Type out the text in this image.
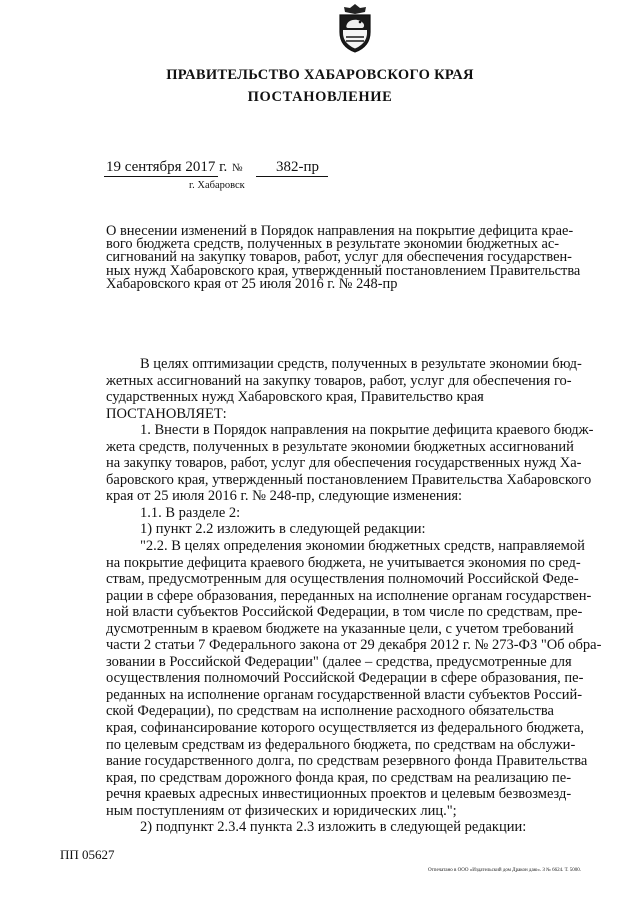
ПРАВИТЕЛЬСТВО ХАБАРОВСКОГО КРАЯ
ПОСТАНОВЛЕНИЕ
19 сентября 2017 г. № 382-пр
г. Хабаровск

О внесении изменений в Порядок направления на покрытие дефицита крае-
вого бюджета средств, полученных в результате экономии бюджетных ас-
сигнований на закупку товаров, работ, услуг для обеспечения государствен-
ных нужд Хабаровского края, утвержденный постановлением Правительства
Хабаровского края от 25 июля 2016 г. № 248-пр

В целях оптимизации средств, полученных в результате экономии бюд-
жетных ассигнований на закупку товаров, работ, услуг для обеспечения го-
сударственных нужд Хабаровского края, Правительство края
ПОСТАНОВЛЯЕТ:
1. Внести в Порядок направления на покрытие дефицита краевого бюдж-
жета средств, полученных в результате экономии бюджетных ассигнований
на закупку товаров, работ, услуг для обеспечения государственных нужд Ха-
баровского края, утвержденный постановлением Правительства Хабаровского
края от 25 июля 2016 г. № 248-пр, следующие изменения:
1.1. В разделе 2:
1) пункт 2.2 изложить в следующей редакции:
"2.2. В целях определения экономии бюджетных средств, направляемой
на покрытие дефицита краевого бюджета, не учитывается экономия по сред-
ствам, предусмотренным для осуществления полномочий Российской Феде-
рации в сфере образования, переданных на исполнение органам государствен-
ной власти субъектов Российской Федерации, в том числе по средствам, пре-
дусмотренным в краевом бюджете на указанные цели, с учетом требований
части 2 статьи 7 Федерального закона от 29 декабря 2012 г. № 273-ФЗ "Об обра-
зовании в Российской Федерации" (далее – средства, предусмотренные для
осуществления полномочий Российской Федерации в сфере образования, пе-
реданных на исполнение органам государственной власти субъектов Россий-
ской Федерации), по средствам на исполнение расходного обязательства
края, софинансирование которого осуществляется из федерального бюджета,
по целевым средствам из федерального бюджета, по средствам на обслужи-
вание государственного долга, по средствам резервного фонда Правительства
края, по средствам дорожного фонда края, по средствам на реализацию пе-
речня краевых адресных инвестиционных проектов и целевым безвозмезд-
ным поступлениям от физических и юридических лиц.";
2) подпункт 2.3.4 пункта 2.3 изложить в следующей редакции:

ПП 05627
Отпечатано в ООО «Издательский дом Дракон даю». З № 6624. Т. 5000.
